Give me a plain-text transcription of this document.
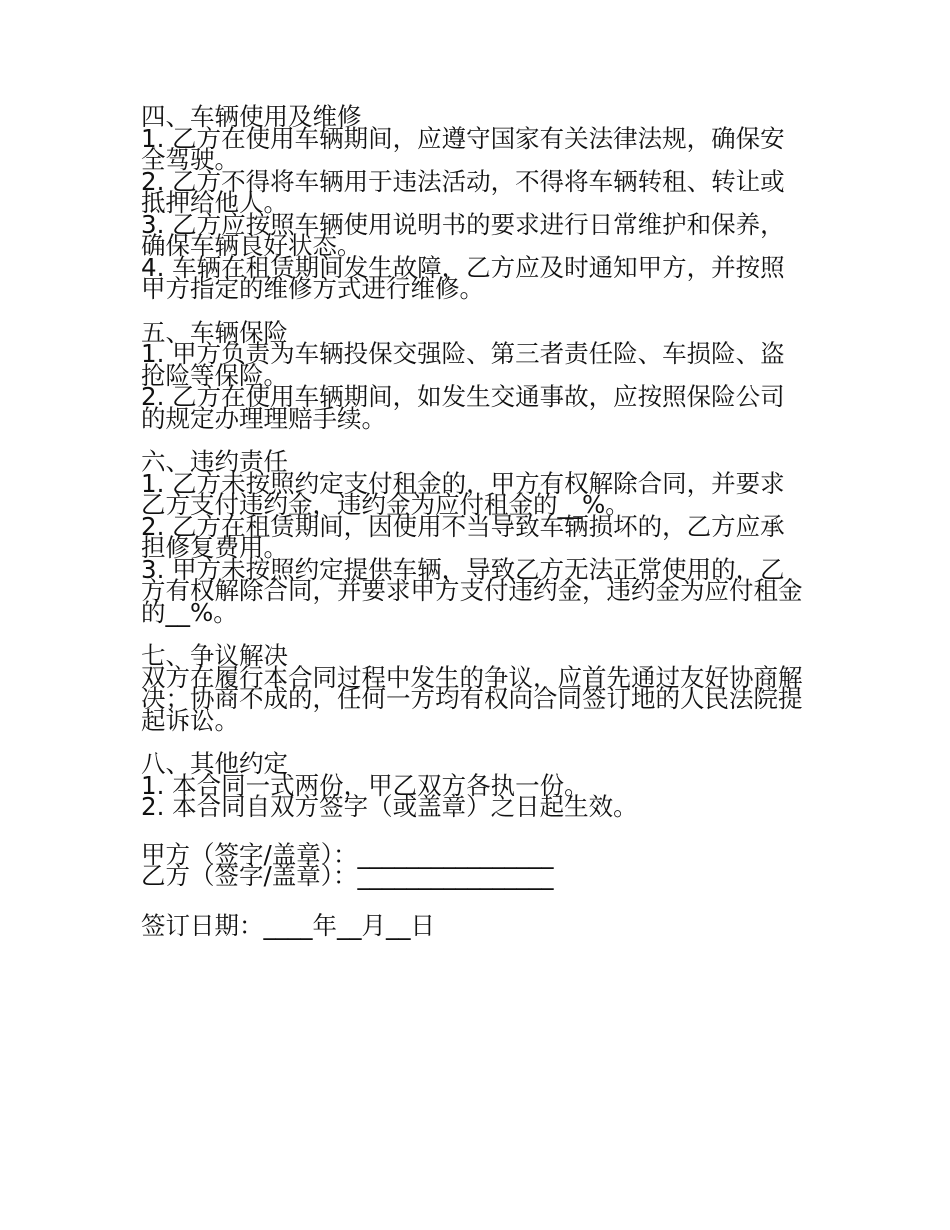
四、车辆使用及维修
1. 乙方在使用车辆期间，应遵守国家有关法律法规，确保安
全驾驶。
2. 乙方不得将车辆用于违法活动，不得将车辆转租、转让或
抵押给他人。
3. 乙方应按照车辆使用说明书的要求进行日常维护和保养，
确保车辆良好状态。
4. 车辆在租赁期间发生故障，乙方应及时通知甲方，并按照
甲方指定的维修方式进行维修。
五、车辆保险
1. 甲方负责为车辆投保交强险、第三者责任险、车损险、盗
抢险等保险。
2. 乙方在使用车辆期间，如发生交通事故，应按照保险公司
的规定办理理赔手续。
六、违约责任
1. 乙方未按照约定支付租金的，甲方有权解除合同，并要求
乙方支付违约金，违约金为应付租金的__%。
2. 乙方在租赁期间，因使用不当导致车辆损坏的，乙方应承
担修复费用。
3. 甲方未按照约定提供车辆，导致乙方无法正常使用的，乙
方有权解除合同，并要求甲方支付违约金，违约金为应付租金
的__%。
七、争议解决
双方在履行本合同过程中发生的争议，应首先通过友好协商解
决；协商不成的，任何一方均有权向合同签订地的人民法院提
起诉讼。
八、其他约定
1. 本合同一式两份，甲乙双方各执一份。
2. 本合同自双方签字（或盖章）之日起生效。
甲方（签字/盖章）：________________
乙方（签字/盖章）：________________
签订日期：____年__月__日
